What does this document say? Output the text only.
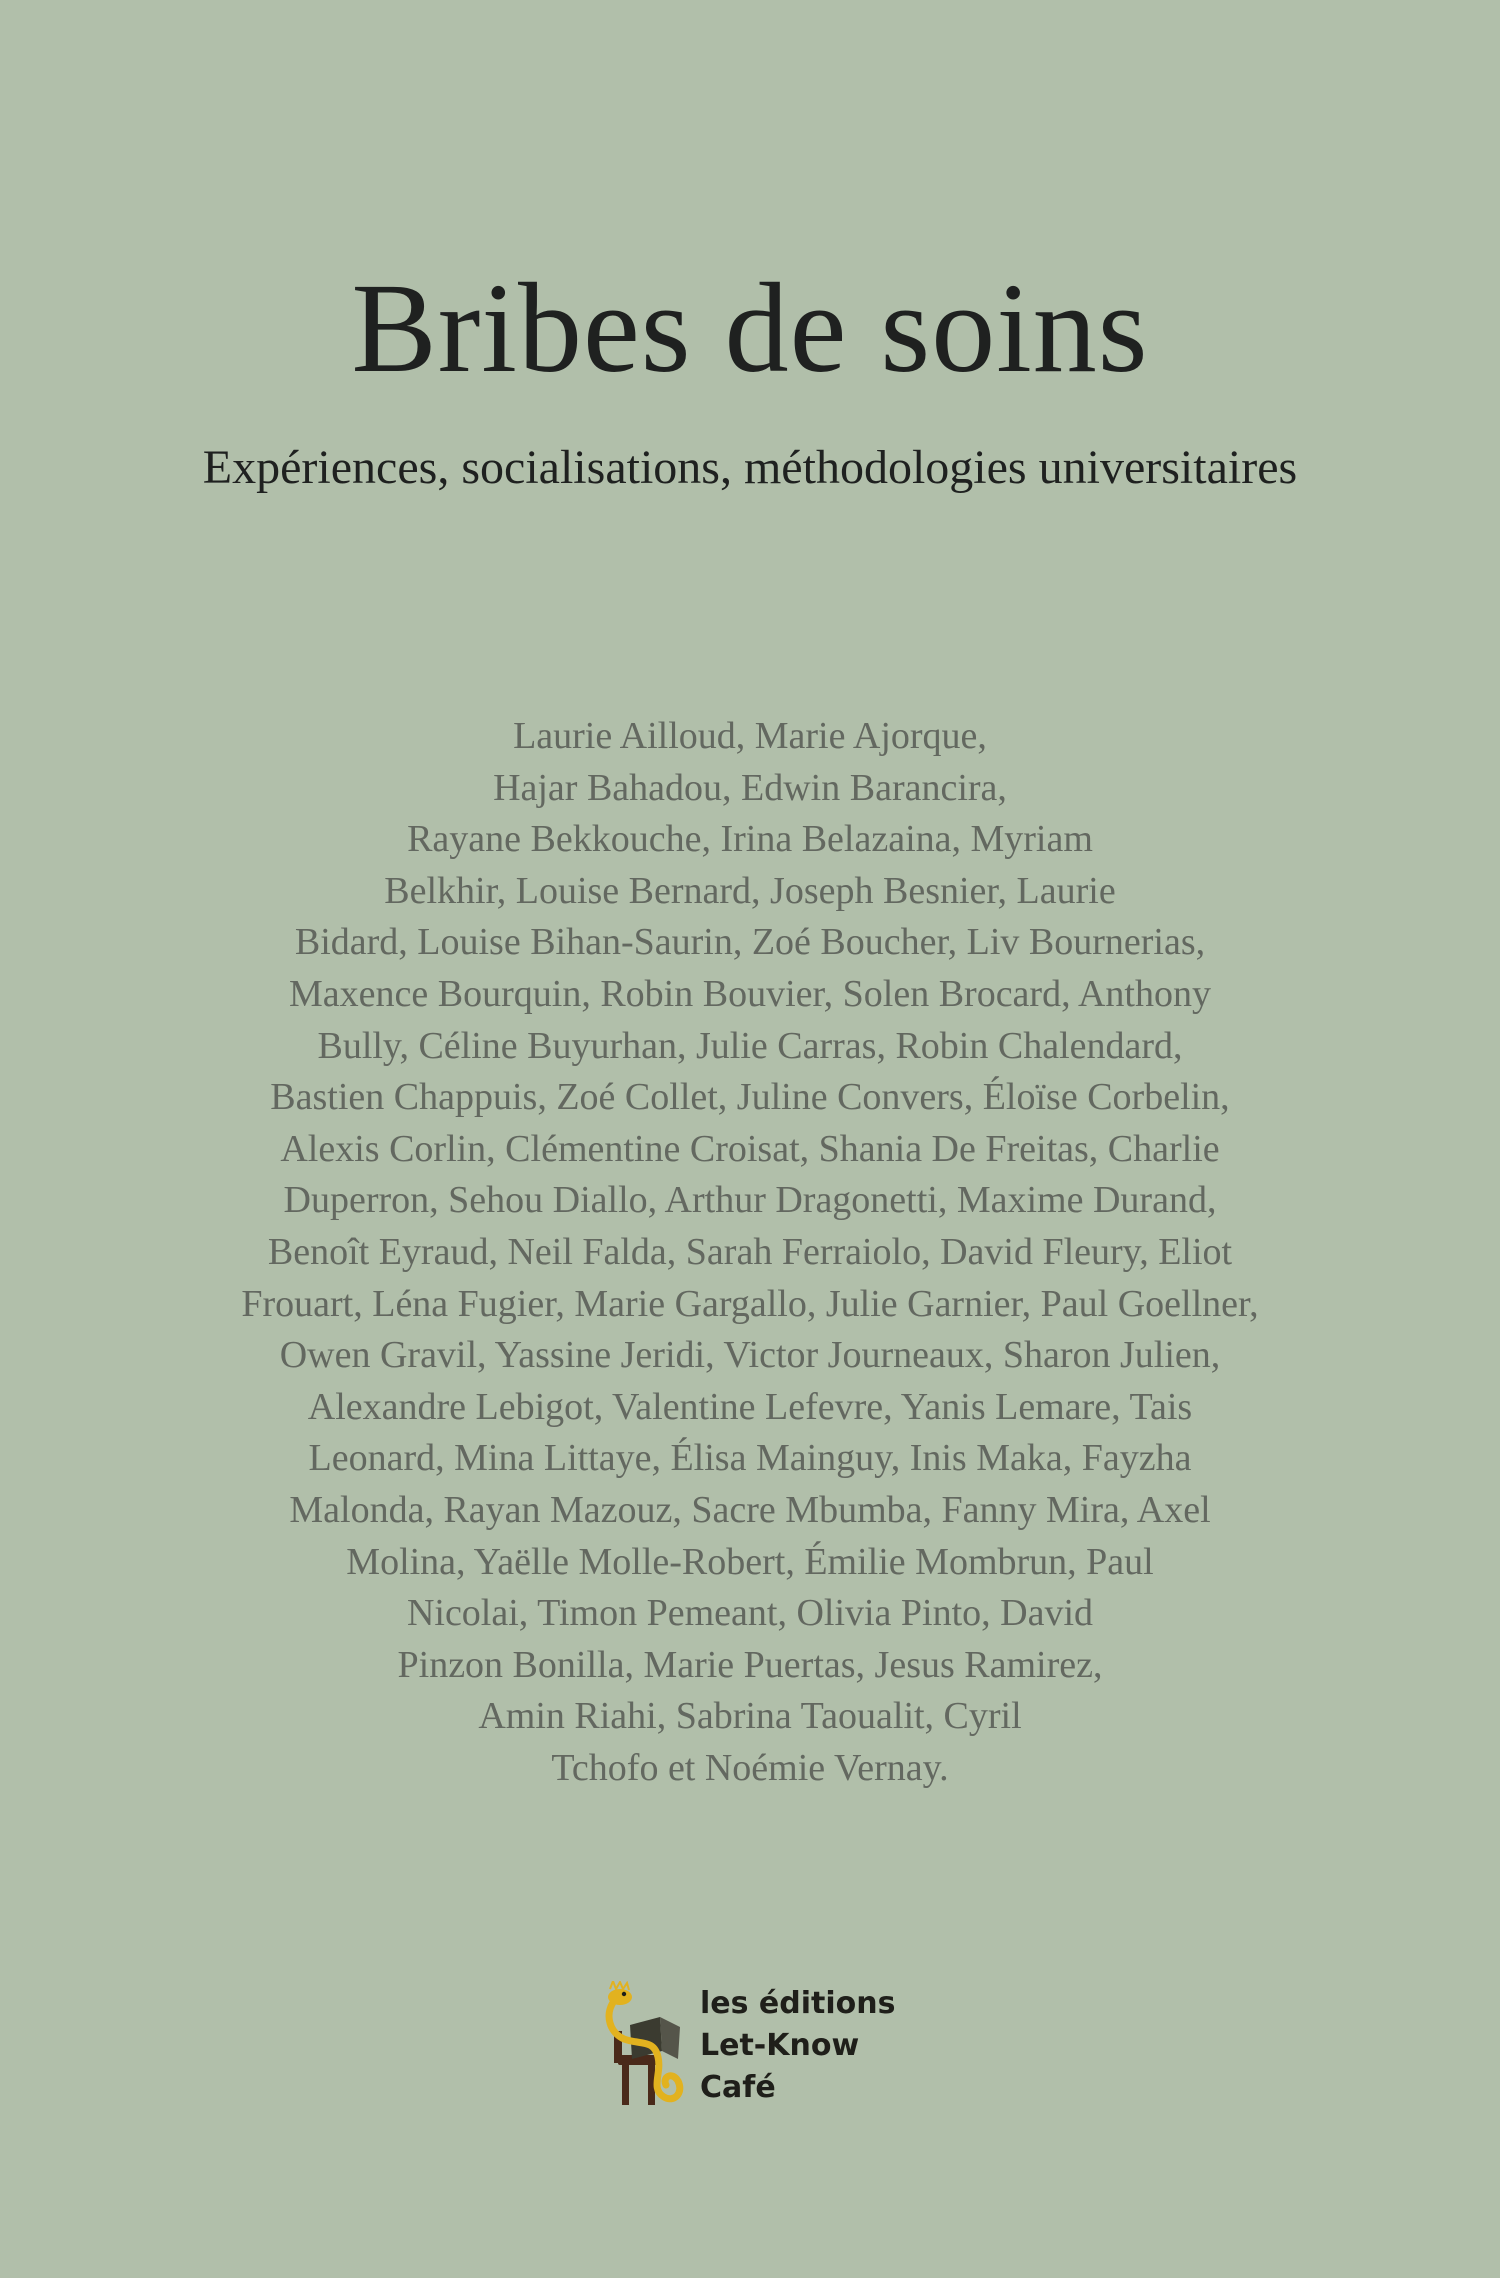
Bribes de soins
Expériences, socialisations, méthodologies universitaires
Laurie Ailloud, Marie Ajorque,
Hajar Bahadou, Edwin Barancira,
Rayane Bekkouche, Irina Belazaina, Myriam
Belkhir, Louise Bernard, Joseph Besnier, Laurie
Bidard, Louise Bihan-Saurin, Zoé Boucher, Liv Bournerias,
Maxence Bourquin, Robin Bouvier, Solen Brocard, Anthony
Bully, Céline Buyurhan, Julie Carras, Robin Chalendard,
Bastien Chappuis, Zoé Collet, Juline Convers, Éloïse Corbelin,
Alexis Corlin, Clémentine Croisat, Shania De Freitas, Charlie
Duperron, Sehou Diallo, Arthur Dragonetti, Maxime Durand,
Benoît Eyraud, Neil Falda, Sarah Ferraiolo, David Fleury, Eliot
Frouart, Léna Fugier, Marie Gargallo, Julie Garnier, Paul Goellner,
Owen Gravil, Yassine Jeridi, Victor Journeaux, Sharon Julien,
Alexandre Lebigot, Valentine Lefevre, Yanis Lemare, Tais
Leonard, Mina Littaye, Élisa Mainguy, Inis Maka, Fayzha
Malonda, Rayan Mazouz, Sacre Mbumba, Fanny Mira, Axel
Molina, Yaëlle Molle-Robert, Émilie Mombrun, Paul
Nicolai, Timon Pemeant, Olivia Pinto, David
Pinzon Bonilla, Marie Puertas, Jesus Ramirez,
Amin Riahi, Sabrina Taoualit, Cyril
Tchofo et Noémie Vernay.
les éditions
Let-Know
Café
